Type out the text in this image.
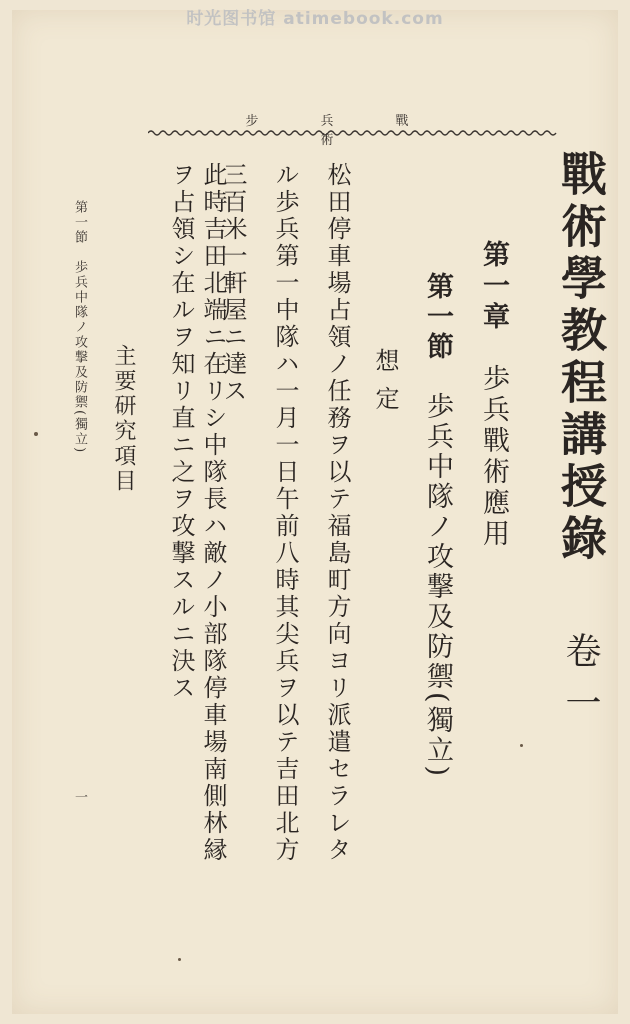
时光图书馆 atimebook.com
步兵戰術
戰術學教程講授錄
卷一
第一章　歩兵戰術應用
第一節　歩兵中隊ノ攻撃及防禦(獨立)
想定
松田停車場占領ノ任務ヲ以テ福島町方向ヨリ派遣セラレタ
ル歩兵第一中隊ハ一月一日午前八時其尖兵ヲ以テ吉田北方
三百米一軒屋ニ達ス
此時吉田北端ニ在リシ中隊長ハ敵ノ小部隊停車場南側林縁
ヲ占領シ在ルヲ知リ直ニ之ヲ攻撃スルニ決ス
主要研究項目
第一節　歩兵中隊ノ攻撃及防禦(獨立)
一
